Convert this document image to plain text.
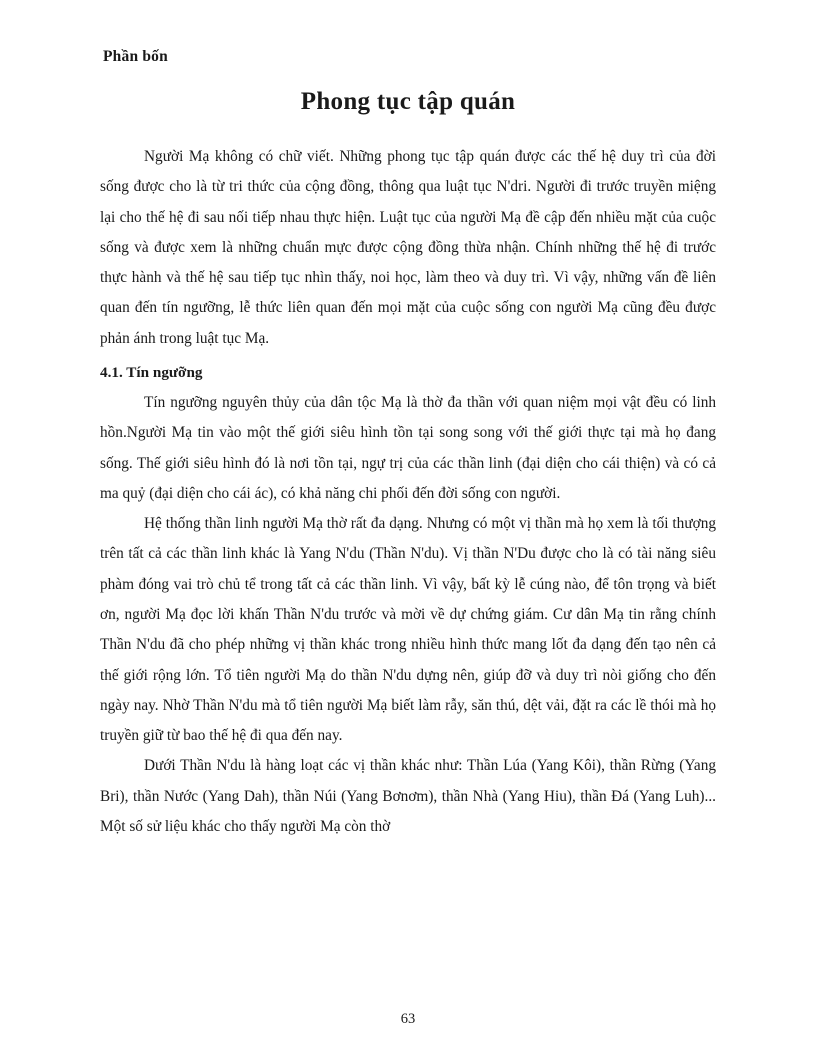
Phần bốn
Phong tục tập quán

Người Mạ không có chữ viết. Những phong tục tập quán được các thế hệ duy trì của đời sống được cho là từ tri thức của cộng đồng, thông qua luật tục N'dri. Người đi trước truyền miệng lại cho thế hệ đi sau nối tiếp nhau thực hiện. Luật tục của người Mạ đề cập đến nhiều mặt của cuộc sống và được xem là những chuẩn mực được cộng đồng thừa nhận. Chính những thế hệ đi trước thực hành và thế hệ sau tiếp tục nhìn thấy, noi học, làm theo và duy trì. Vì vậy, những vấn đề liên quan đến tín ngưỡng, lễ thức liên quan đến mọi mặt của cuộc sống con người Mạ cũng đều được phản ánh trong luật tục Mạ.

4.1. Tín ngưỡng

Tín ngưỡng nguyên thủy của dân tộc Mạ là thờ đa thần với quan niệm mọi vật đều có linh hồn.Người Mạ tin vào một thế giới siêu hình tồn tại song song với thế giới thực tại mà họ đang sống. Thế giới siêu hình đó là nơi tồn tại, ngự trị của các thần linh (đại diện cho cái thiện) và có cả ma quỷ (đại diện cho cái ác), có khả năng chi phối đến đời sống con người.

Hệ thống thần linh người Mạ thờ rất đa dạng. Nhưng có một vị thần mà họ xem là tối thượng trên tất cả các thần linh khác là Yang N'du (Thần N'du). Vị thần N'Du được cho là có tài năng siêu phàm đóng vai trò chủ tể trong tất cả các thần linh. Vì vậy, bất kỳ lễ cúng nào, để tôn trọng và biết ơn, người Mạ đọc lời khấn Thần N'du trước và mời về dự chứng giám. Cư dân Mạ tin rằng chính Thần N'du đã cho phép những vị thần khác trong nhiều hình thức mang lốt đa dạng đến tạo nên cả thế giới rộng lớn. Tổ tiên người Mạ do thần N'du dựng nên, giúp đỡ và duy trì nòi giống cho đến ngày nay. Nhờ Thần N'du mà tổ tiên người Mạ biết làm rẫy, săn thú, dệt vải, đặt ra các lề thói mà họ truyền giữ từ bao thế hệ đi qua đến nay.

Dưới Thần N'du là hàng loạt các vị thần khác như: Thần Lúa (Yang Kôi), thần Rừng (Yang Bri), thần Nước (Yang Dah), thần Núi (Yang Bơnơm), thần Nhà (Yang Hiu), thần Đá (Yang Luh)... Một số sử liệu khác cho thấy người Mạ còn thờ

63
